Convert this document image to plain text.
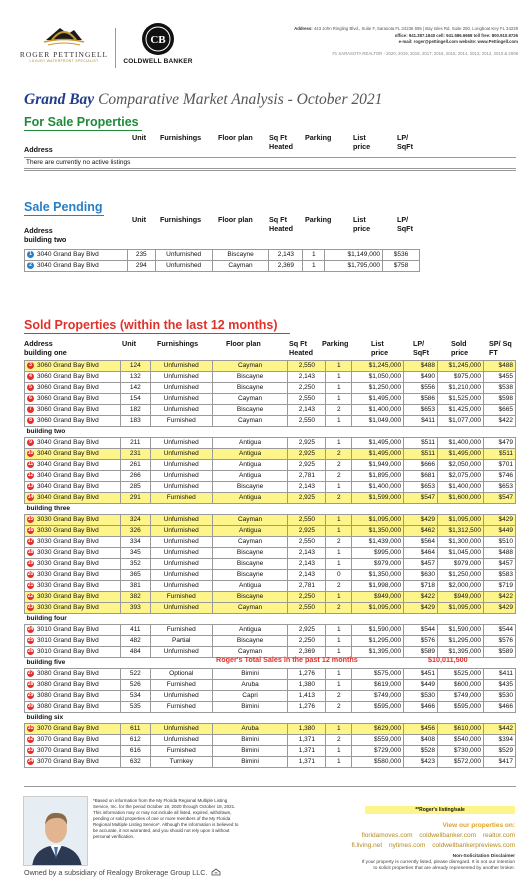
ROGER PETTINGELL
LUXURY WATERFRONT SPECIALIST
CB
COLDWELL BANKER
Address: 443 John Ringling Blvd., Suite F, Sarasota FL 34236 595 | Bay Isles Rd, Suite 250, Longboat Key FL 34228
office: 941.387.1840 cell: 941.586.6668 toll free: 800.910.8726
e-mail: roger@pettingell.com website: www.Pettingell.com
#1 SARASOTA REALTOR - 2020, 2019, 2018, 2017, 2016, 2015, 2014, 2013, 2012, 2010 & 2008
Grand Bay Comparative Market Analysis - October 2021
For Sale Properties
Address
Unit Furnishings Floor plan Sq Ft Heated
Parking	List price
LP/ SqFt
There are currently no active listings
Sale Pending
Address
building two
Unit Furnishings Floor plan Sq Ft Heated
Parking	List price
LP/ SqFt
1 3040 Grand Bay Blvd	235	Unfurnished	Biscayne	2,143	1	$1,149,000	$536
2 3040 Grand Bay Blvd	294	Unfurnished	Cayman	2,369	1	$1,795,000	$758
Sold Properties (within the last 12 months)
Address
building one
Unit	Furnishings	Floor plan	Sq Ft Heated
Parking	List price
LP/ SqFt
Sold price
SP/ Sq FT
3 3060 Grand Bay Blvd	124	Unfurnished	Cayman	2,550	1	$1,245,000	$488	$1,245,000	$488
4 3060 Grand Bay Blvd	132	Unfurnished	Biscayne	2,143	1	$1,050,000	$490	$975,000	$455
5 3060 Grand Bay Blvd	142	Unfurnished	Biscayne	2,250	1	$1,250,000	$556	$1,210,000	$538
6 3060 Grand Bay Blvd	154	Unfurnished	Cayman	2,550	1	$1,495,000	$586	$1,525,000	$598
7 3060 Grand Bay Blvd	182	Unfurnished	Biscayne	2,143	2	$1,400,000	$653	$1,425,000	$665
8 3060 Grand Bay Blvd	183	Furnished	Cayman	2,550	1	$1,049,000	$411	$1,077,000	$422
building two									
9 3040 Grand Bay Blvd	211	Unfurnished	Antigua	2,925	1	$1,495,000	$511	$1,400,000	$479
10 3040 Grand Bay Blvd	231	Unfurnished	Antigua	2,925	2	$1,495,000	$511	$1,495,000	$511
11 3040 Grand Bay Blvd	261	Unfurnished	Antigua	2,925	2	$1,949,000	$666	$2,050,000	$701
12 3040 Grand Bay Blvd	266	Unfurnished	Antigua	2,781	2	$1,895,000	$681	$2,075,000	$746
13 3040 Grand Bay Blvd	285	Unfurnished	Biscayne	2,143	1	$1,400,000	$653	$1,400,000	$653
14 3040 Grand Bay Blvd	291	Furnished	Antigua	2,925	2	$1,599,000	$547	$1,600,000	$547
building three									
15 3030 Grand Bay Blvd	324	Unfurnished	Cayman	2,550	1	$1,095,000	$429	$1,095,000	$429
16 3030 Grand Bay Blvd	326	Unfurnished	Antigua	2,925	1	$1,350,000	$462	$1,312,500	$449
17 3030 Grand Bay Blvd	334	Unfurnished	Cayman	2,550	2	$1,439,000	$564	$1,300,000	$510
18 3030 Grand Bay Blvd	345	Unfurnished	Biscayne	2,143	1	$995,000	$464	$1,045,000	$488
19 3030 Grand Bay Blvd	352	Unfurnished	Biscayne	2,143	1	$979,000	$457	$979,000	$457
20 3030 Grand Bay Blvd	365	Unfurnished	Biscayne	2,143	0	$1,350,000	$630	$1,250,000	$583
21 3030 Grand Bay Blvd	381	Unfurnished	Antigua	2,781	2	$1,998,000	$718	$2,000,000	$719
22 3030 Grand Bay Blvd	382	Furnished	Biscayne	2,250	1	$949,000	$422	$949,000	$422
23 3030 Grand Bay Blvd	393	Unfurnished	Cayman	2,550	2	$1,095,000	$429	$1,095,000	$429
building four									
24 3010 Grand Bay Blvd	411	Furnished	Antigua	2,925	1	$1,590,000	$544	$1,590,000	$544
25 3010 Grand Bay Blvd	482	Partial	Biscayne	2,250	1	$1,295,000	$576	$1,295,000	$576
26 3010 Grand Bay Blvd	484	Unfurnished	Cayman	2,369	1	$1,395,000	$589	$1,395,000	$589
building five									
27 3080 Grand Bay Blvd	522	Optional	Bimini	1,276	1	$575,000	$451	$525,000	$411
28 3080 Grand Bay Blvd	526	Furnished	Aruba	1,380	1	$619,000	$449	$600,000	$435
29 3080 Grand Bay Blvd	534	Unfurnished	Capri	1,413	2	$749,000	$530	$749,000	$530
30 3080 Grand Bay Blvd	535	Furnished	Bimini	1,276	2	$595,000	$466	$595,000	$466
building six									
31 3070 Grand Bay Blvd	611	Unfurnished	Aruba	1,380	1	$629,000	$456	$610,000	$442
32 3070 Grand Bay Blvd	612	Unfurnished	Bimini	1,371	2	$559,000	$408	$540,000	$394
33 3070 Grand Bay Blvd	616	Furnished	Bimini	1,371	1	$729,000	$528	$730,000	$529
34 3070 Grand Bay Blvd	632	Turnkey	Bimini	1,371	1	$580,000	$423	$572,000	$417
Roger's Total Sales in the past 12 months	$10,011,500
*Based on information from the My Florida Regional Multiple Listing Service, Inc. for the period October 18, 2020 through October 18, 2021. This information may or may not include all listed, expired, withdrawn, pending or sold properties of one or more members of the My Florida Regional Multiple Listing Service*. Although the information is believed to be accurate, it not warranted, and you should not rely upon it without personal verification.
**Roger's listing/sale
View our properties on:
floridamoves.com coldwellbanker.com realtor.com
fl.living.net nytimes.com coldwellbankerpreviews.com
Non-Solicitation Disclaimer
If your property is currently listed, please disregard. It is not our intention
to solicit properties that are already represented by another broker.
Owned by a subsidiary of Realogy Brokerage Group LLC.
